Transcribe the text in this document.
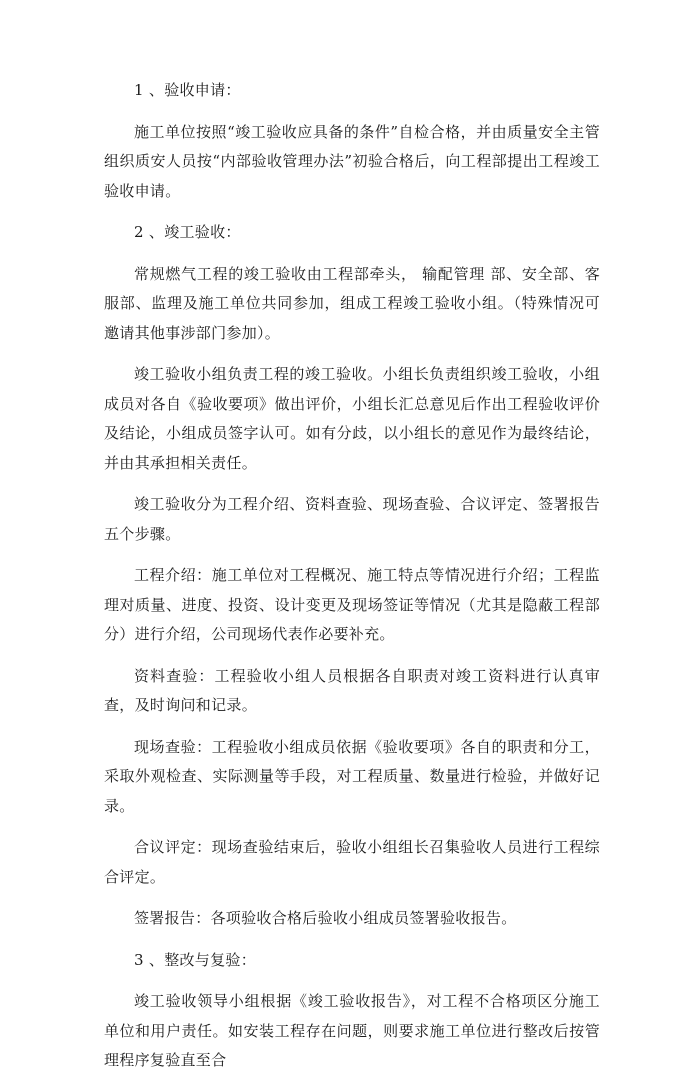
1 、验收申请：

施工单位按照“竣工验收应具备的条件”自检合格，并由质量安全主管组织质安人员按“内部验收管理办法”初验合格后，向工程部提出工程竣工验收申请。

2 、竣工验收：

常规燃气工程的竣工验收由工程部牵头， 输配管理 部、安全部、客服部、监理及施工单位共同参加，组成工程竣工验收小组。（特殊情况可邀请其他事涉部门参加）。

竣工验收小组负责工程的竣工验收。小组长负责组织竣工验收，小组成员对各自《验收要项》做出评价，小组长汇总意见后作出工程验收评价及结论，小组成员签字认可。如有分歧，以小组长的意见作为最终结论，并由其承担相关责任。

竣工验收分为工程介绍、资料查验、现场查验、合议评定、签署报告五个步骤。

工程介绍：施工单位对工程概况、施工特点等情况进行介绍；工程监理对质量、进度、投资、设计变更及现场签证等情况（尤其是隐蔽工程部分）进行介绍，公司现场代表作必要补充。

资料查验：工程验收小组人员根据各自职责对竣工资料进行认真审查，及时询问和记录。

现场查验：工程验收小组成员依据《验收要项》各自的职责和分工，采取外观检查、实际测量等手段，对工程质量、数量进行检验，并做好记录。

合议评定：现场查验结束后，验收小组组长召集验收人员进行工程综合评定。

签署报告：各项验收合格后验收小组成员签署验收报告。

3 、整改与复验：

竣工验收领导小组根据《竣工验收报告》，对工程不合格项区分施工单位和用户责任。如安装工程存在问题，则要求施工单位进行整改后按管理程序复验直至合
